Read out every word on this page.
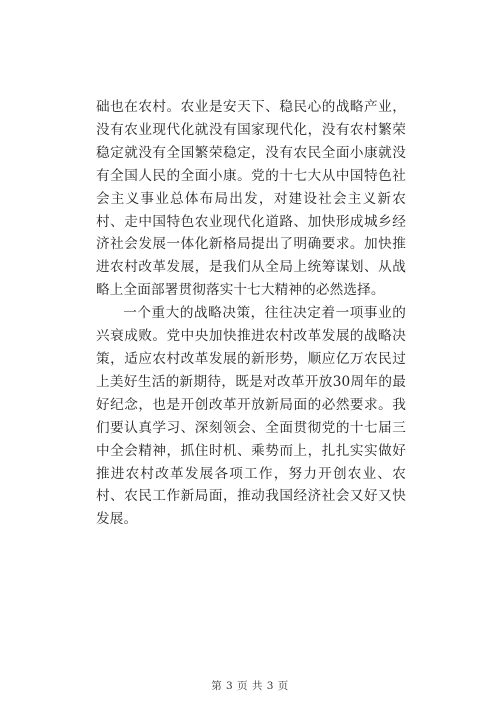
础也在农村。农业是安天下、稳民心的战略产业，没有农业现代化就没有国家现代化，没有农村繁荣稳定就没有全国繁荣稳定，没有农民全面小康就没有全国人民的全面小康。党的十七大从中国特色社会主义事业总体布局出发，对建设社会主义新农村、走中国特色农业现代化道路、加快形成城乡经济社会发展一体化新格局提出了明确要求。加快推进农村改革发展，是我们从全局上统筹谋划、从战略上全面部署贯彻落实十七大精神的必然选择。

一个重大的战略决策，往往决定着一项事业的兴衰成败。党中央加快推进农村改革发展的战略决策，适应农村改革发展的新形势，顺应亿万农民过上美好生活的新期待，既是对改革开放30周年的最好纪念，也是开创改革开放新局面的必然要求。我们要认真学习、深刻领会、全面贯彻党的十七届三中全会精神，抓住时机、乘势而上，扎扎实实做好推进农村改革发展各项工作，努力开创农业、农村、农民工作新局面，推动我国经济社会又好又快发展。

第 3 页 共 3 页
